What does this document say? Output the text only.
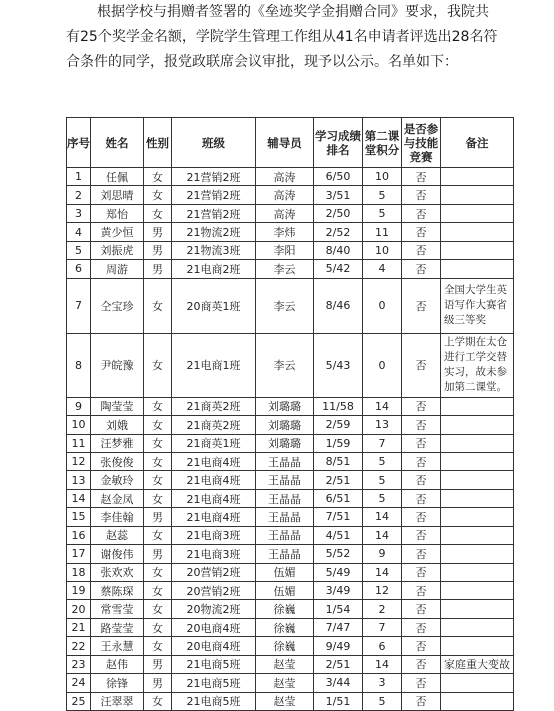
根据学校与捐赠者签署的《垒迹奖学金捐赠合同》要求，我院共

有25个奖学金名额，学院学生管理工作组从41名申请者评选出28名符

合条件的同学，报党政联席会议审批，现予以公示。名单如下：

序号	姓名	性别	班级	辅导员	学习成绩排名	第二课堂积分	是否参与技能竞赛	备注
1	任佩	女	21营销2班	高涛	6/50	10	否	
2	刘思晴	女	21营销2班	高涛	3/51	5	否	
3	郑怡	女	21营销2班	高涛	2/50	5	否	
4	黄少恒	男	21物流2班	李炜	2/52	11	否	
5	刘振虎	男	21物流3班	李阳	8/40	10	否	
6	周游	男	21电商2班	李云	5/42	4	否	
7	仝宝珍	女	20商英1班	李云	8/46	0	否	全国大学生英语写作大赛省级三等奖
8	尹皖豫	女	21电商1班	李云	5/43	0	否	上学期在太仓进行工学交替实习，故未参加第二课堂。
9	陶莹莹	女	21商英2班	刘璐璐	11/58	14	否	
10	刘娥	女	21商英2班	刘璐璐	2/59	13	否	
11	汪梦雅	女	21商英1班	刘璐璐	1/59	7	否	
12	张俊俊	女	21电商4班	王晶晶	8/51	5	否	
13	金敏玲	女	21电商4班	王晶晶	2/51	5	否	
14	赵金凤	女	21电商4班	王晶晶	6/51	5	否	
15	李佳翰	男	21电商4班	王晶晶	7/51	14	否	
16	赵蕊	女	21电商3班	王晶晶	4/51	14	否	
17	谢俊伟	男	21电商3班	王晶晶	5/52	9	否	
18	张欢欢	女	20营销2班	伍媚	5/49	14	否	
19	蔡陈琛	女	20营销2班	伍媚	3/49	12	否	
20	常雪莹	女	20物流2班	徐巍	1/54	2	否	
21	路莹莹	女	20电商4班	徐巍	7/47	7	否	
22	王永慧	女	20电商4班	徐巍	9/49	6	否	
23	赵伟	男	21电商5班	赵莹	2/51	14	否	家庭重大变故
24	徐锋	男	21电商5班	赵莹	3/44	3	否	
25	汪翠翠	女	21电商5班	赵莹	1/51	5	否	
